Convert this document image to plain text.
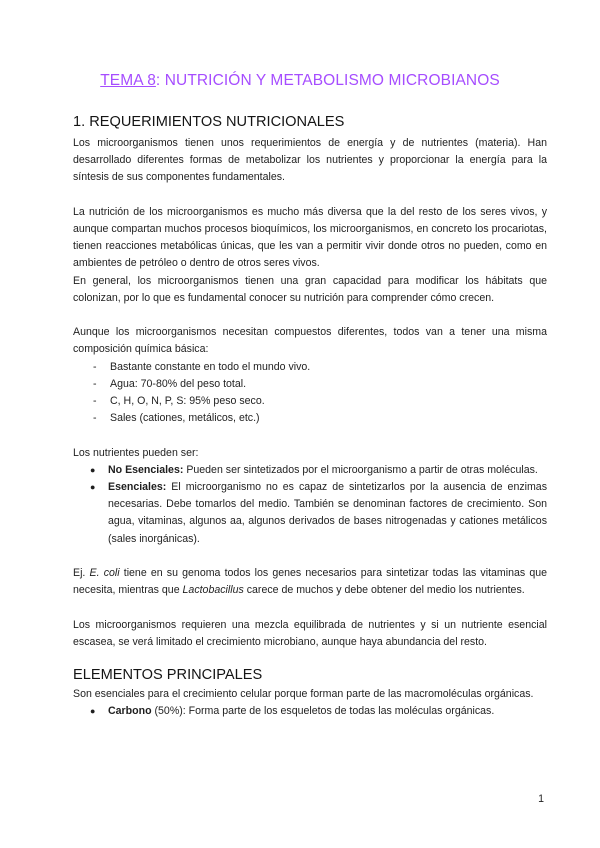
TEMA 8: NUTRICIÓN Y METABOLISMO MICROBIANOS
1. REQUERIMIENTOS NUTRICIONALES

Los microorganismos tienen unos requerimientos de energía y de nutrientes (materia). Han desarrollado diferentes formas de metabolizar los nutrientes y proporcionar la energía para la síntesis de sus componentes fundamentales.

La nutrición de los microorganismos es mucho más diversa que la del resto de los seres vivos, y aunque compartan muchos procesos bioquímicos, los microorganismos, en concreto los procariotas, tienen reacciones metabólicas únicas, que les van a permitir vivir donde otros no pueden, como en ambientes de petróleo o dentro de otros seres vivos.

En general, los microorganismos tienen una gran capacidad para modificar los hábitats que colonizan, por lo que es fundamental conocer su nutrición para comprender cómo crecen.

Aunque los microorganismos necesitan compuestos diferentes, todos van a tener una misma composición química básica:

- Bastante constante en todo el mundo vivo.
- Agua: 70-80% del peso total.
- C, H, O, N, P, S: 95% peso seco.
- Sales (cationes, metálicos, etc.)

Los nutrientes pueden ser:

● No Esenciales: Pueden ser sintetizados por el microorganismo a partir de otras moléculas.
● Esenciales: El microorganismo no es capaz de sintetizarlos por la ausencia de enzimas necesarias. Debe tomarlos del medio. También se denominan factores de crecimiento. Son agua, vitaminas, algunos aa, algunos derivados de bases nitrogenadas y cationes metálicos (sales inorgánicas).

Ej. E. coli tiene en su genoma todos los genes necesarios para sintetizar todas las vitaminas que necesita, mientras que Lactobacillus carece de muchos y debe obtener del medio los nutrientes.

Los microorganismos requieren una mezcla equilibrada de nutrientes y si un nutriente esencial escasea, se verá limitado el crecimiento microbiano, aunque haya abundancia del resto.

ELEMENTOS PRINCIPALES

Son esenciales para el crecimiento celular porque forman parte de las macromoléculas orgánicas.

● Carbono (50%): Forma parte de los esqueletos de todas las moléculas orgánicas.
1
